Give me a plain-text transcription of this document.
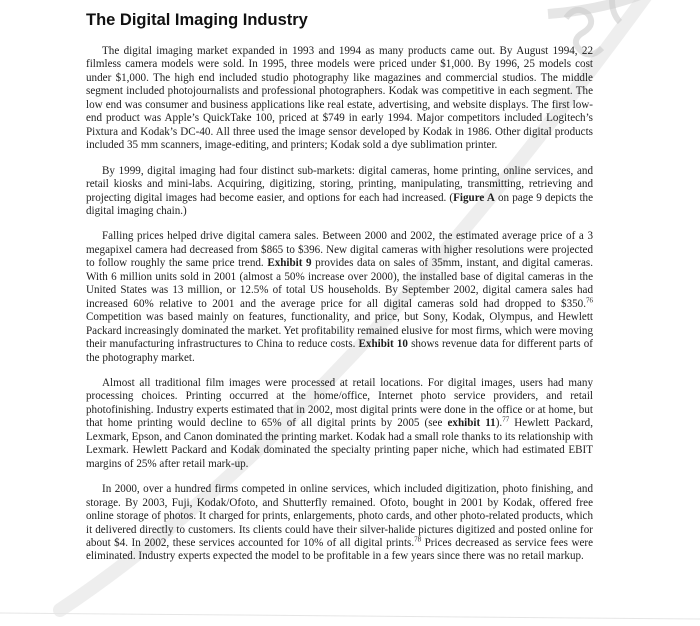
The Digital Imaging Industry

The digital imaging market expanded in 1993 and 1994 as many products came out. By August 1994, 22 filmless camera models were sold. In 1995, three models were priced under $1,000. By 1996, 25 models cost under $1,000. The high end included studio photography like magazines and commercial studios. The middle segment included photojournalists and professional photographers. Kodak was competitive in each segment. The low end was consumer and business applications like real estate, advertising, and website displays. The first low-end product was Apple’s QuickTake 100, priced at $749 in early 1994. Major competitors included Logitech’s Pixtura and Kodak’s DC-40. All three used the image sensor developed by Kodak in 1986. Other digital products included 35 mm scanners, image-editing, and printers; Kodak sold a dye sublimation printer.

By 1999, digital imaging had four distinct sub-markets: digital cameras, home printing, online services, and retail kiosks and mini-labs. Acquiring, digitizing, storing, printing, manipulating, transmitting, retrieving and projecting digital images had become easier, and options for each had increased. (Figure A on page 9 depicts the digital imaging chain.)

Falling prices helped drive digital camera sales. Between 2000 and 2002, the estimated average price of a 3 megapixel camera had decreased from $865 to $396. New digital cameras with higher resolutions were projected to follow roughly the same price trend. Exhibit 9 provides data on sales of 35mm, instant, and digital cameras. With 6 million units sold in 2001 (almost a 50% increase over 2000), the installed base of digital cameras in the United States was 13 million, or 12.5% of total US households. By September 2002, digital camera sales had increased 60% relative to 2001 and the average price for all digital cameras sold had dropped to $350.76 Competition was based mainly on features, functionality, and price, but Sony, Kodak, Olympus, and Hewlett Packard increasingly dominated the market. Yet profitability remained elusive for most firms, which were moving their manufacturing infrastructures to China to reduce costs. Exhibit 10 shows revenue data for different parts of the photography market.

Almost all traditional film images were processed at retail locations. For digital images, users had many processing choices. Printing occurred at the home/office, Internet photo service providers, and retail photofinishing. Industry experts estimated that in 2002, most digital prints were done in the office or at home, but that home printing would decline to 65% of all digital prints by 2005 (see exhibit 11).$^{77}$ Hewlett Packard, Lexmark, Epson, and Canon dominated the printing market. Kodak had a small role thanks to its relationship with Lexmark. Hewlett Packard and Kodak dominated the specialty printing paper niche, which had estimated EBIT margins of 25% after retail mark-up.

In 2000, over a hundred firms competed in online services, which included digitization, photo finishing, and storage. By 2003, Fuji, Kodak/Ofoto, and Shutterfly remained. Ofoto, bought in 2001 by Kodak, offered free online storage of photos. It charged for prints, enlargements, photo cards, and other photo-related products, which it delivered directly to customers. Its clients could have their silver-halide pictures digitized and posted online for about $4. In 2002, these services accounted for 10% of all digital prints.$^{78}$ Prices decreased as service fees were eliminated. Industry experts expected the model to be profitable in a few years since there was no retail markup.
